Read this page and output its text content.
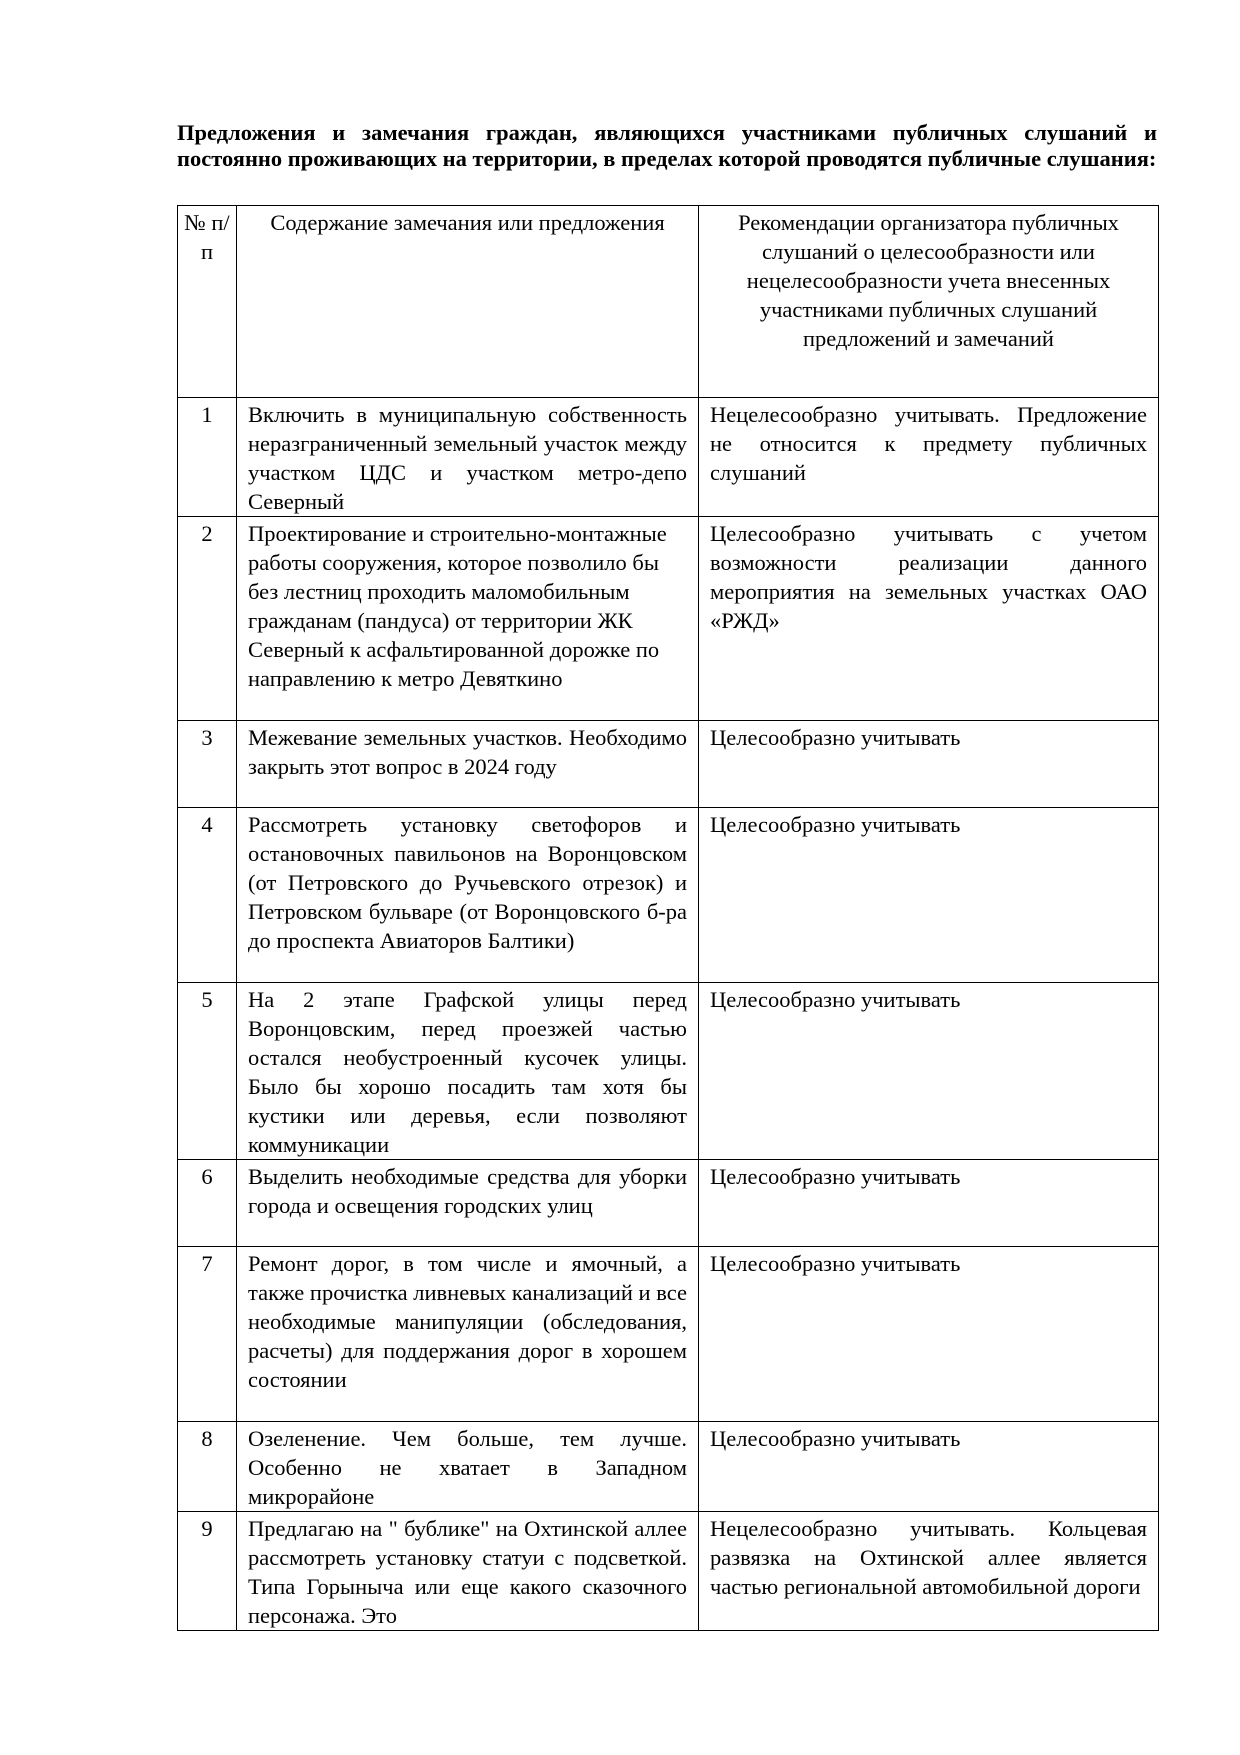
Предложения и замечания граждан, являющихся участниками публичных слушаний и постоянно проживающих на территории, в пределах которой проводятся публичные слушания:
№ п/п	Содержание замечания или предложения	Рекомендации организатора публичных слушаний о целесообразности или нецелесообразности учета внесенных участниками публичных слушаний предложений и замечаний
1	Включить в муниципальную собственность неразграниченный земельный участок между участком ЦДС и участком метро-депо Северный	Нецелесообразно учитывать. Предложение не относится к предмету публичных слушаний
2	Проектирование и строительно-монтажные работы сооружения, которое позволило бы без лестниц проходить маломобильным гражданам (пандуса) от территории ЖК Северный к асфальтированной дорожке по направлению к метро Девяткино	Целесообразно учитывать с учетом возможности реализации данного мероприятия на земельных участках ОАО «РЖД»
3	Межевание земельных участков. Необходимо закрыть этот вопрос в 2024 году	Целесообразно учитывать
4	Рассмотреть установку светофоров и остановочных павильонов на Воронцовском (от Петровского до Ручьевского отрезок) и Петровском бульваре (от Воронцовского б-ра до проспекта Авиаторов Балтики)	Целесообразно учитывать
5	На 2 этапе Графской улицы перед Воронцовским, перед проезжей частью остался необустроенный кусочек улицы. Было бы хорошо посадить там хотя бы кустики или деревья, если позволяют коммуникации	Целесообразно учитывать
6	Выделить необходимые средства для уборки города и освещения городских улиц	Целесообразно учитывать
7	Ремонт дорог, в том числе и ямочный, а также прочистка ливневых канализаций и все необходимые манипуляции (обследования, расчеты) для поддержания дорог в хорошем состоянии	Целесообразно учитывать
8	Озеленение. Чем больше, тем лучше. Особенно не хватает в Западном микрорайоне	Целесообразно учитывать
9	Предлагаю на " бублике" на Охтинской аллее рассмотреть установку статуи с подсветкой. Типа Горыныча или еще какого сказочного персонажа. Это	Нецелесообразно учитывать. Кольцевая развязка на Охтинской аллее является частью региональной автомобильной дороги
